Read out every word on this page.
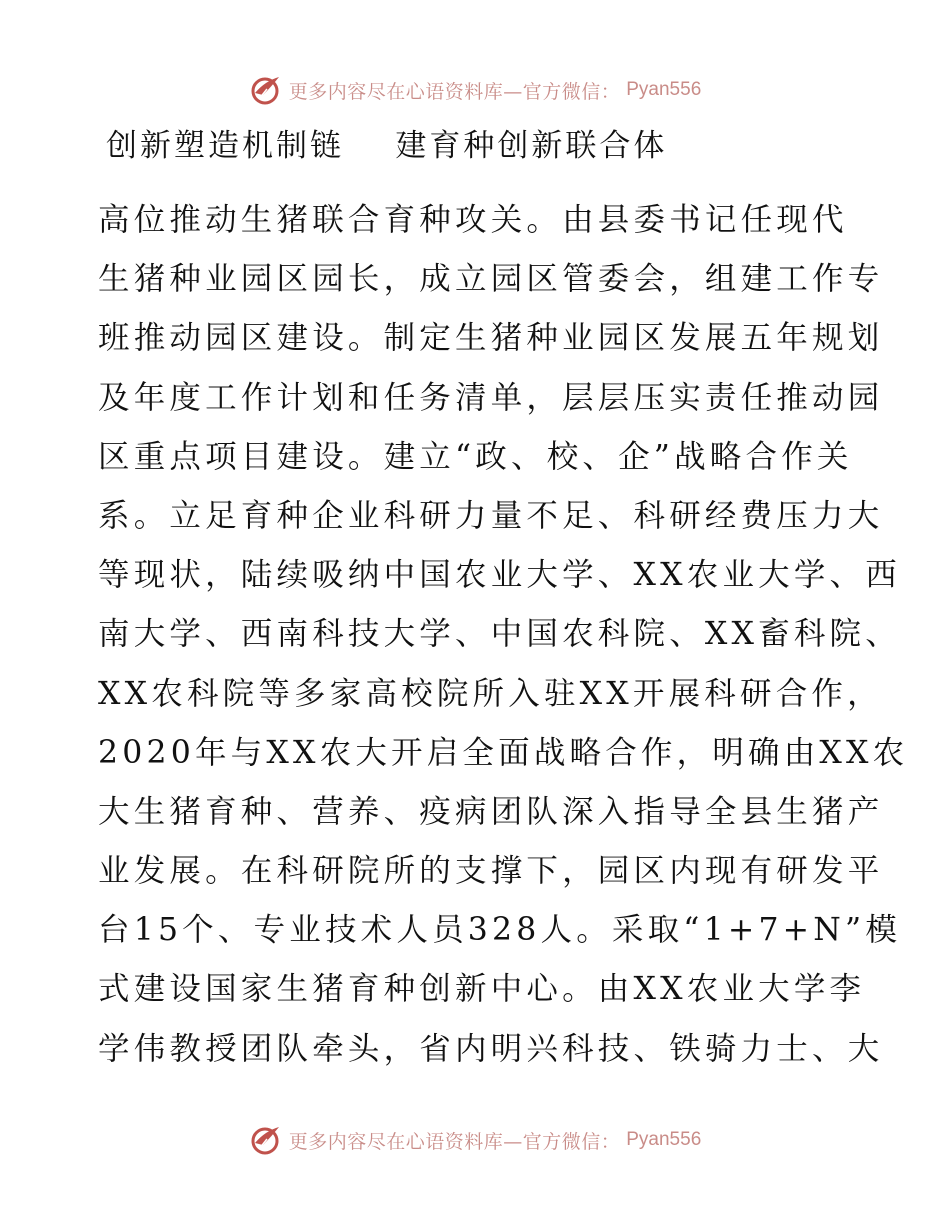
更多内容尽在心语资料库—官方微信： Pyan556
创新塑造机制链    建育种创新联合体
高位推动生猪联合育种攻关。由县委书记任现代
生猪种业园区园长，成立园区管委会，组建工作专
班推动园区建设。制定生猪种业园区发展五年规划
及年度工作计划和任务清单，层层压实责任推动园
区重点项目建设。建立“政、校、企”战略合作关
系。立足育种企业科研力量不足、科研经费压力大
等现状，陆续吸纳中国农业大学、XX农业大学、西
南大学、西南科技大学、中国农科院、XX畜科院、
XX农科院等多家高校院所入驻XX开展科研合作，
2020年与XX农大开启全面战略合作，明确由XX农
大生猪育种、营养、疫病团队深入指导全县生猪产
业发展。在科研院所的支撑下，园区内现有研发平
台15个、专业技术人员328人。采取“1+7+N”模
式建设国家生猪育种创新中心。由XX农业大学李
学伟教授团队牵头，省内明兴科技、铁骑力士、大
更多内容尽在心语资料库—官方微信： Pyan556
